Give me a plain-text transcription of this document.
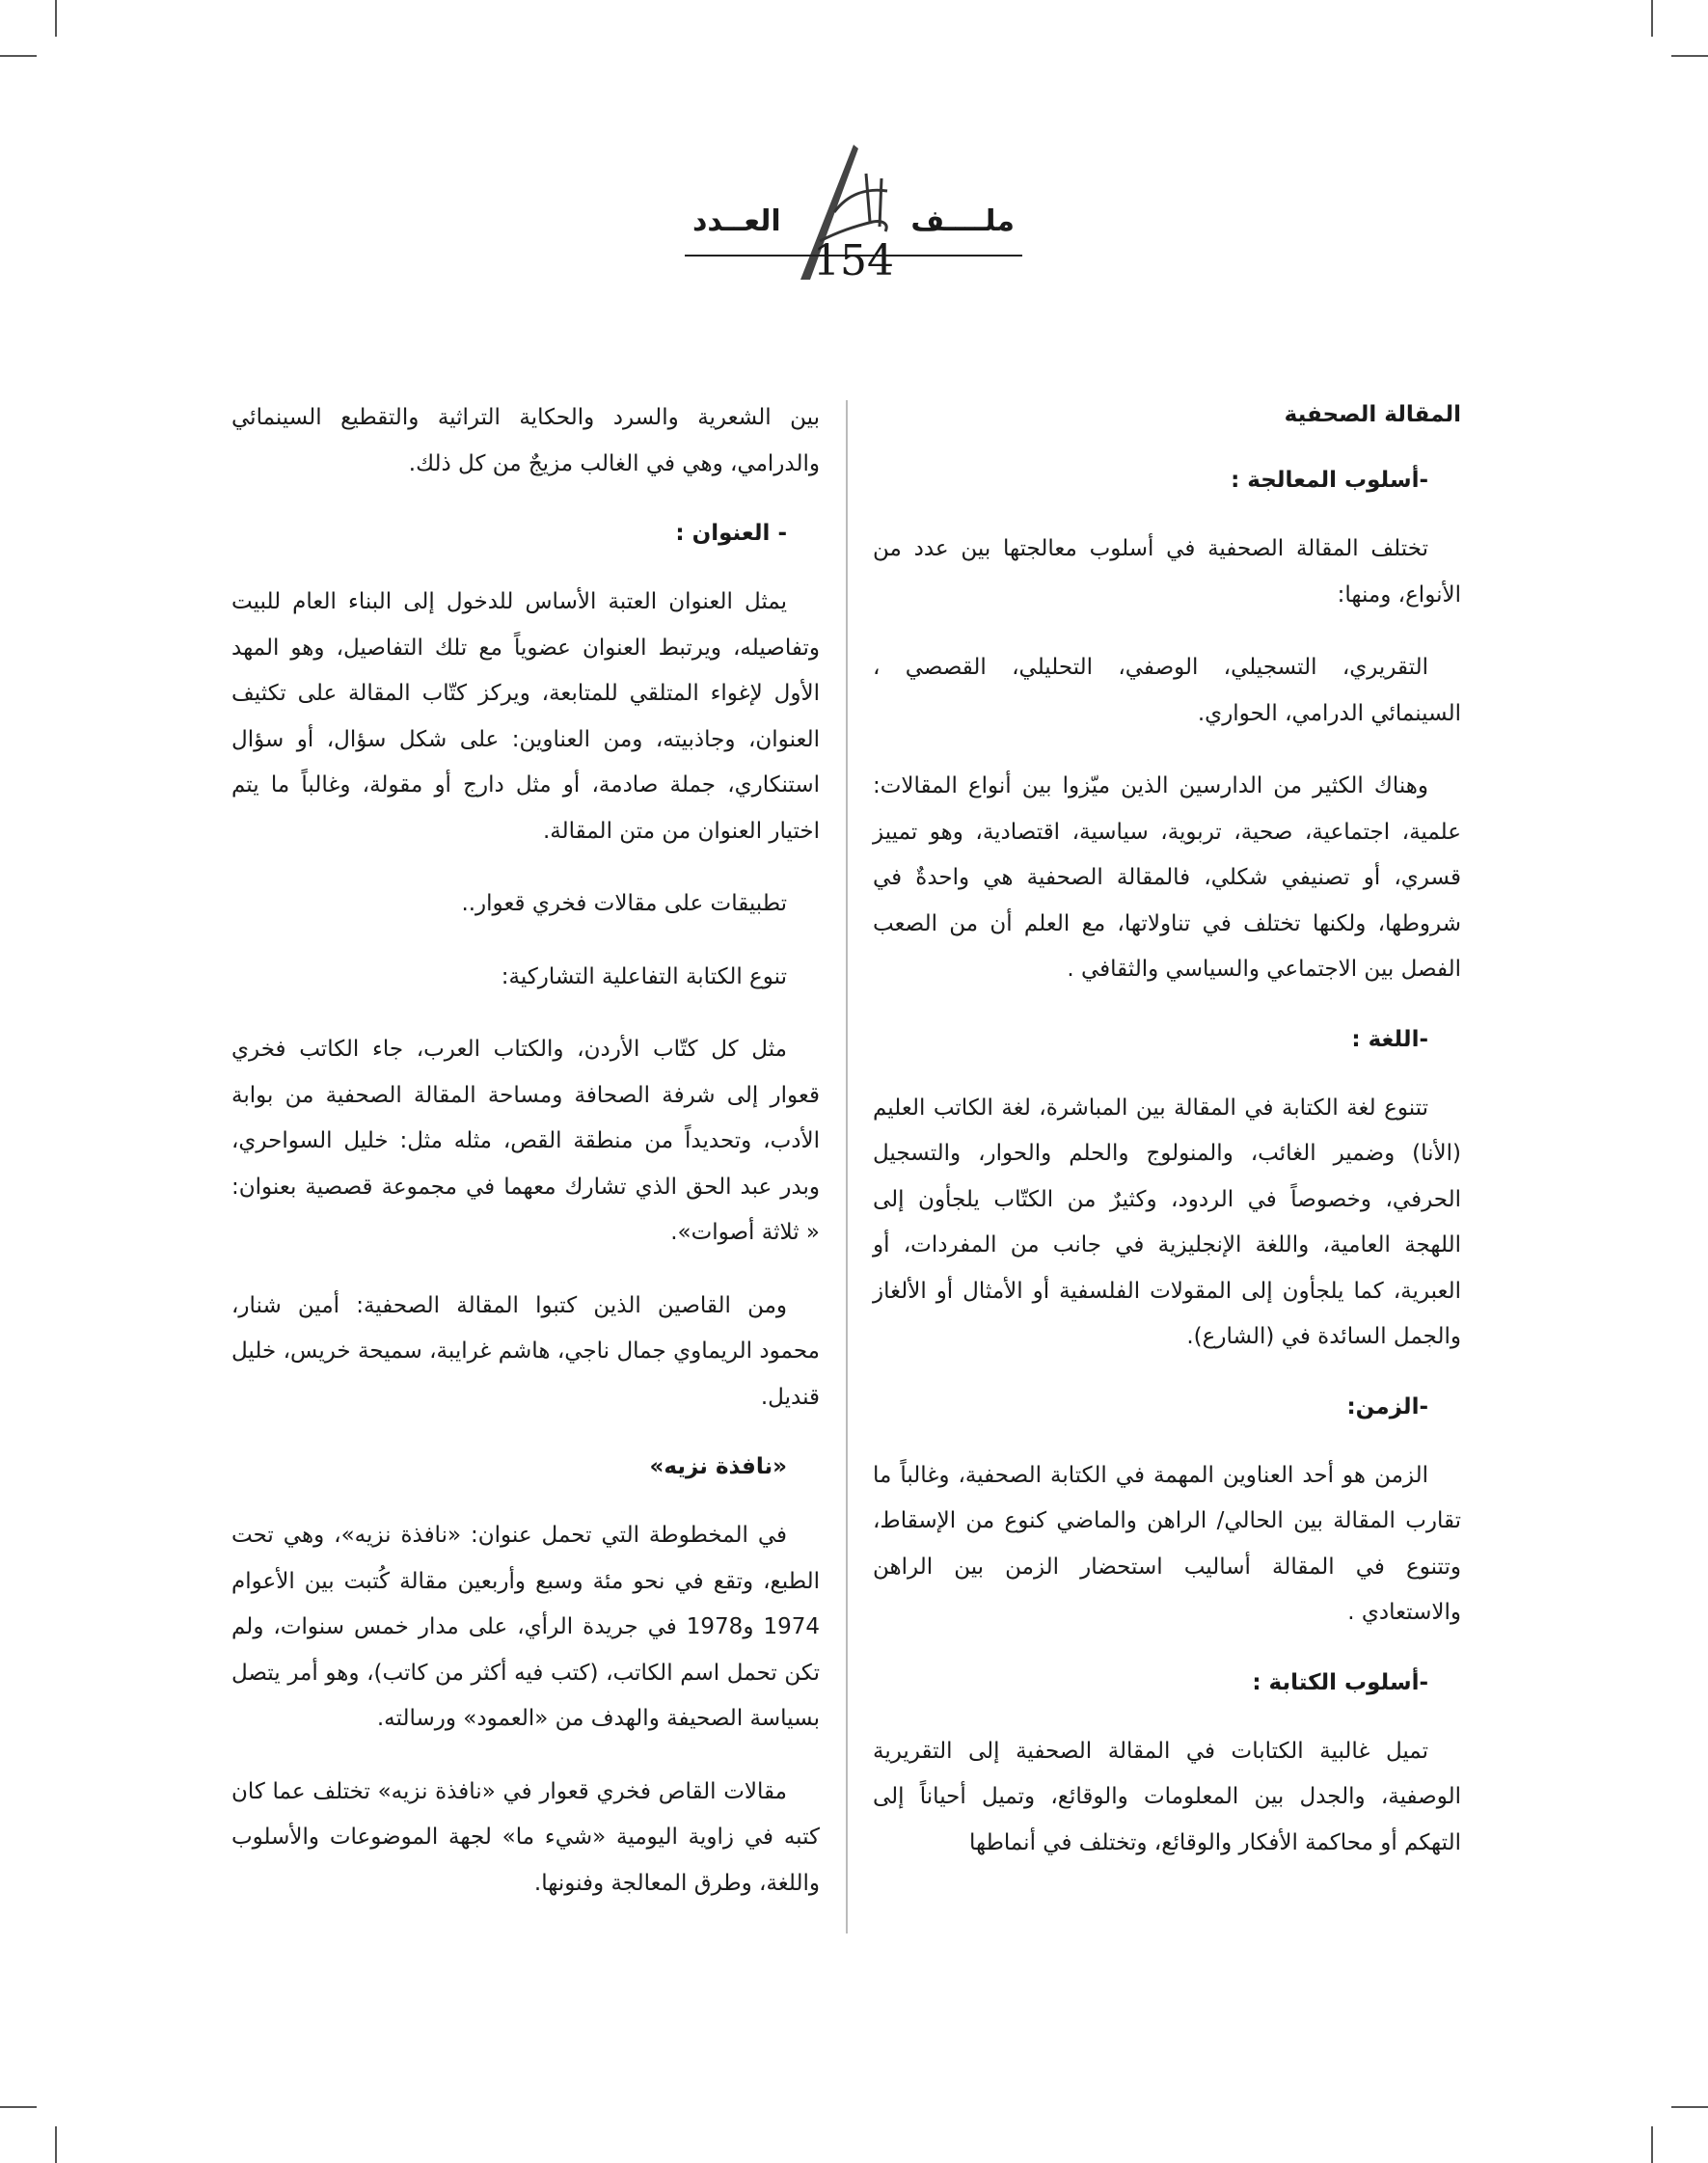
العــدد	ملــــف
154
المقالة الصحفية
-أسلوب المعالجة :

تختلف المقالة الصحفية في أسلوب معالجتها بين عدد من الأنواع، ومنها:

التقريري، التسجيلي، الوصفي، التحليلي، القصصي ، السينمائي الدرامي، الحواري.

وهناك الكثير من الدارسين الذين ميّزوا بين أنواع المقالات: علمية، اجتماعية، صحية، تربوية، سياسية، اقتصادية، وهو تمييز قسري، أو تصنيفي شكلي، فالمقالة الصحفية هي واحدةٌ في شروطها، ولكنها تختلف في تناولاتها، مع العلم أن من الصعب الفصل بين الاجتماعي والسياسي والثقافي .

-اللغة :

تتنوع لغة الكتابة في المقالة بين المباشرة، لغة الكاتب العليم (الأنا) وضمير الغائب، والمنولوج والحلم والحوار، والتسجيل الحرفي، وخصوصاً في الردود، وكثيرٌ من الكتّاب يلجأون إلى اللهجة العامية، واللغة الإنجليزية في جانب من المفردات، أو العبرية، كما يلجأون إلى المقولات الفلسفية أو الأمثال أو الألغاز والجمل السائدة في (الشارع).

-الزمن:

الزمن هو أحد العناوين المهمة في الكتابة الصحفية، وغالباً ما تقارب المقالة بين الحالي/ الراهن والماضي كنوع من الإسقاط، وتتنوع في المقالة أساليب استحضار الزمن بين الراهن والاستعادي .

-أسلوب الكتابة :

تميل غالبية الكتابات في المقالة الصحفية إلى التقريرية الوصفية، والجدل بين المعلومات والوقائع، وتميل أحياناً إلى التهكم أو محاكمة الأفكار والوقائع، وتختلف في أنماطها

بين الشعرية والسرد والحكاية التراثية والتقطيع السينمائي والدرامي، وهي في الغالب مزيجٌ من كل ذلك.

- العنوان :

يمثل العنوان العتبة الأساس للدخول إلى البناء العام للبيت وتفاصيله، ويرتبط العنوان عضوياً مع تلك التفاصيل، وهو المهد الأول لإغواء المتلقي للمتابعة، ويركز كتّاب المقالة على تكثيف العنوان، وجاذبيته، ومن العناوين: على شكل سؤال، أو سؤال استنكاري، جملة صادمة، أو مثل دارج أو مقولة، وغالباً ما يتم اختيار العنوان من متن المقالة.

تطبيقات على مقالات فخري قعوار..

تنوع الكتابة التفاعلية التشاركية:

مثل كل كتّاب الأردن، والكتاب العرب، جاء الكاتب فخري قعوار إلى شرفة الصحافة ومساحة المقالة الصحفية من بوابة الأدب، وتحديداً من منطقة القص، مثله مثل: خليل السواحري، وبدر عبد الحق الذي تشارك معهما في مجموعة قصصية بعنوان: « ثلاثة أصوات».

ومن القاصين الذين كتبوا المقالة الصحفية: أمين شنار، محمود الريماوي جمال ناجي، هاشم غرايبة، سميحة خريس، خليل قنديل.

«نافذة نزيه»

في المخطوطة التي تحمل عنوان: «نافذة نزيه»، وهي تحت الطبع، وتقع في نحو مئة وسبع وأربعين مقالة كُتبت بين الأعوام 1974 و1978 في جريدة الرأي، على مدار خمس سنوات، ولم تكن تحمل اسم الكاتب، (كتب فيه أكثر من كاتب)، وهو أمر يتصل بسياسة الصحيفة والهدف من «العمود» ورسالته.

مقالات القاص فخري قعوار في «نافذة نزيه» تختلف عما كان كتبه في زاوية اليومية «شيء ما» لجهة الموضوعات والأسلوب واللغة، وطرق المعالجة وفنونها.
